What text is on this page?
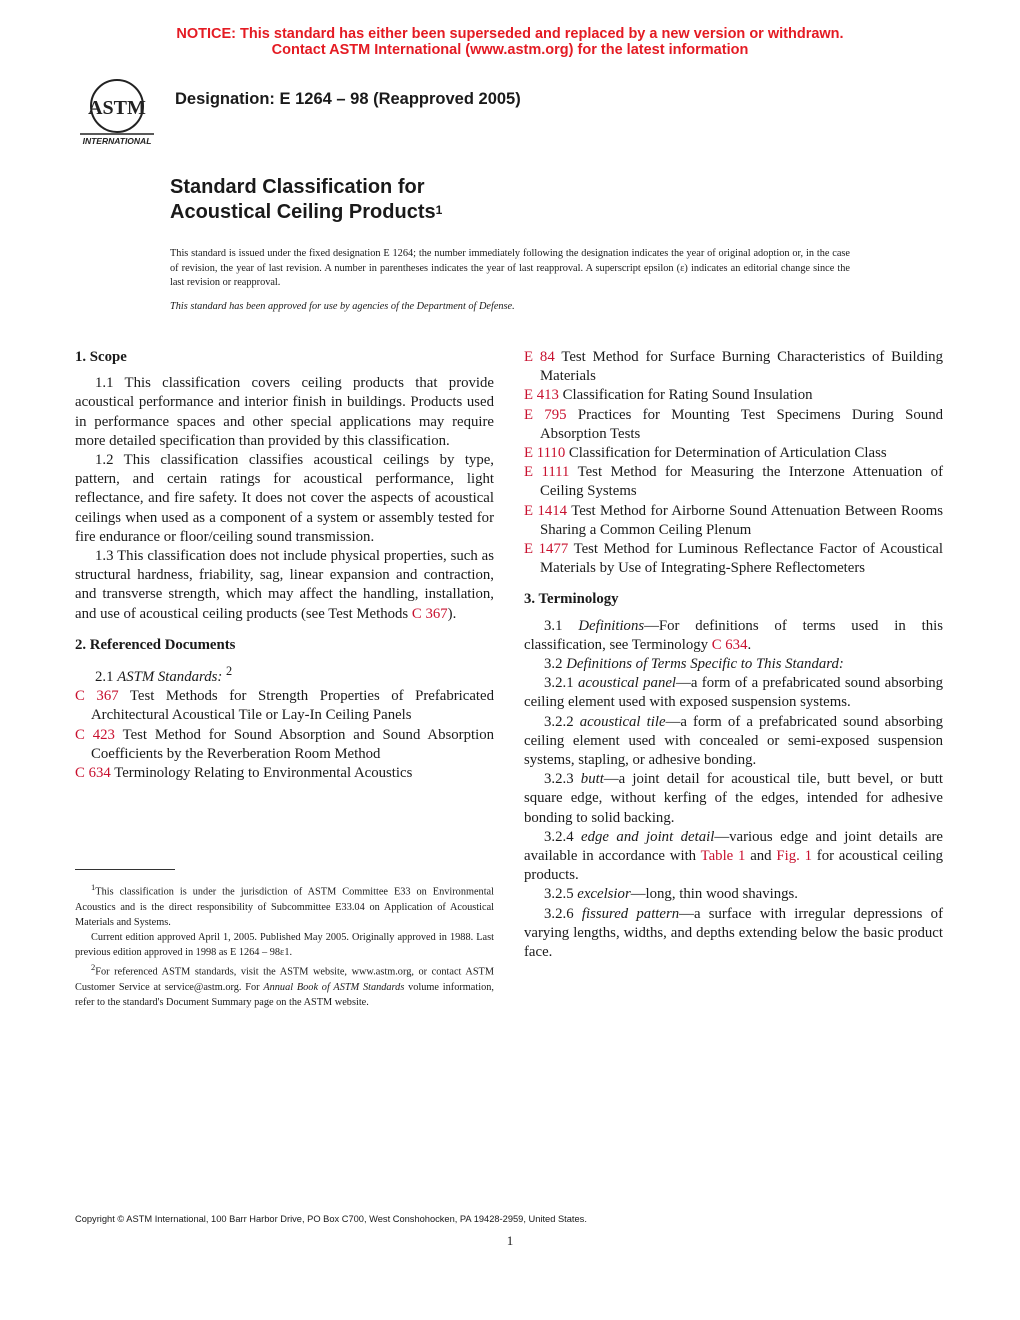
NOTICE: This standard has either been superseded and replaced by a new version or withdrawn.
Contact ASTM International (www.astm.org) for the latest information
ASTM
INTERNATIONAL
Designation: E 1264 – 98 (Reapproved 2005)
Standard Classification for
Acoustical Ceiling Products$^1$
This standard is issued under the fixed designation E 1264; the number immediately following the designation indicates the year of original adoption or, in the case of revision, the year of last revision. A number in parentheses indicates the year of last reapproval. A superscript epsilon (ε) indicates an editorial change since the last revision or reapproval.
This standard has been approved for use by agencies of the Department of Defense.
1. Scope

1.1 This classification covers ceiling products that provide acoustical performance and interior finish in buildings. Products used in performance spaces and other special applications may require more detailed specification than provided by this classification.

1.2 This classification classifies acoustical ceilings by type, pattern, and certain ratings for acoustical performance, light reflectance, and fire safety. It does not cover the aspects of acoustical ceilings when used as a component of a system or assembly tested for fire endurance or floor/ceiling sound transmission.

1.3 This classification does not include physical properties, such as structural hardness, friability, sag, linear expansion and contraction, and transverse strength, which may affect the handling, installation, and use of acoustical ceiling products (see Test Methods C 367).

2. Referenced Documents

2.1 ASTM Standards: $^2$

C 367 Test Methods for Strength Properties of Prefabricated Architectural Acoustical Tile or Lay-In Ceiling Panels

C 423 Test Method for Sound Absorption and Sound Absorption Coefficients by the Reverberation Room Method

C 634 Terminology Relating to Environmental Acoustics

E 84 Test Method for Surface Burning Characteristics of Building Materials

E 413 Classification for Rating Sound Insulation

E 795 Practices for Mounting Test Specimens During Sound Absorption Tests

E 1110 Classification for Determination of Articulation Class

E 1111 Test Method for Measuring the Interzone Attenuation of Ceiling Systems

E 1414 Test Method for Airborne Sound Attenuation Between Rooms Sharing a Common Ceiling Plenum

E 1477 Test Method for Luminous Reflectance Factor of Acoustical Materials by Use of Integrating-Sphere Reflectometers

3. Terminology

3.1 Definitions—For definitions of terms used in this classification, see Terminology C 634.

3.2 Definitions of Terms Specific to This Standard:

3.2.1 acoustical panel—a form of a prefabricated sound absorbing ceiling element used with exposed suspension systems.

3.2.2 acoustical tile—a form of a prefabricated sound absorbing ceiling element used with concealed or semi-exposed suspension systems, stapling, or adhesive bonding.

3.2.3 butt—a joint detail for acoustical tile, butt bevel, or butt square edge, without kerfing of the edges, intended for adhesive bonding to solid backing.

3.2.4 edge and joint detail—various edge and joint details are available in accordance with Table 1 and Fig. 1 for acoustical ceiling products.

3.2.5 excelsior—long, thin wood shavings.

3.2.6 fissured pattern—a surface with irregular depressions of varying lengths, widths, and depths extending below the basic product face.

$^1$This classification is under the jurisdiction of ASTM Committee E33 on Environmental Acoustics and is the direct responsibility of Subcommittee E33.04 on Application of Acoustical Materials and Systems.

Current edition approved April 1, 2005. Published May 2005. Originally approved in 1988. Last previous edition approved in 1998 as E 1264 – 98ε1.

$^2$For referenced ASTM standards, visit the ASTM website, www.astm.org, or contact ASTM Customer Service at service@astm.org. For Annual Book of ASTM Standards volume information, refer to the standard's Document Summary page on the ASTM website.

Copyright © ASTM International, 100 Barr Harbor Drive, PO Box C700, West Conshohocken, PA 19428-2959, United States.
1
